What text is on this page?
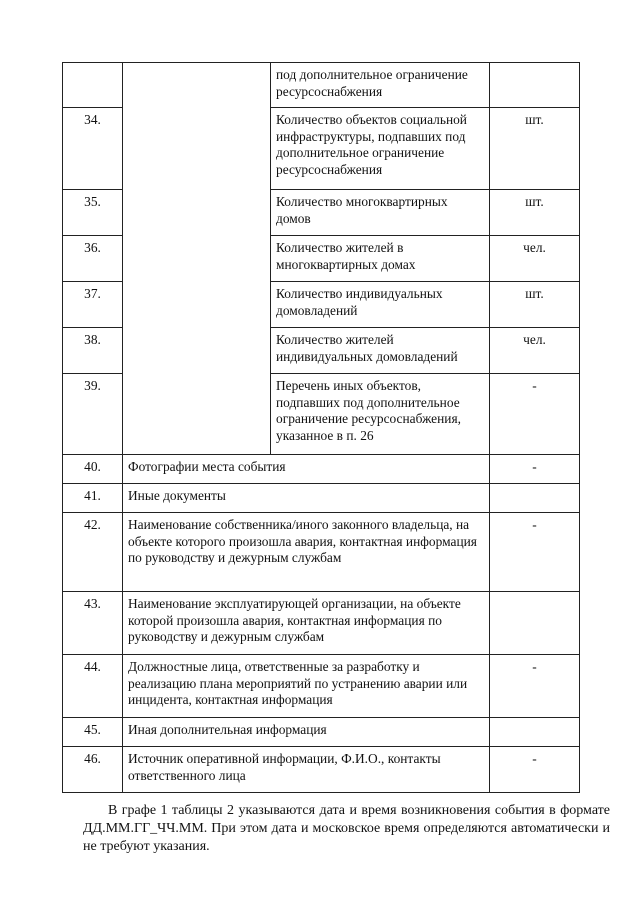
		под дополнительное ограничение ресурсоснабжения	
34.		Количество объектов социальной инфраструктуры, подпавших под дополнительное ограничение ресурсоснабжения	шт.
35.		Количество многоквартирных домов	шт.
36.		Количество жителей в многоквартирных домах	чел.
37.		Количество индивидуальных домовладений	шт.
38.		Количество жителей индивидуальных домовладений	чел.
39.		Перечень иных объектов, подпавших под дополнительное ограничение ресурсоснабжения, указанное в п. 26	-
40.	Фотографии места события		-
41.	Иные документы		
42.	Наименование собственника/иного законного владельца, на объекте которого произошла авария, контактная информация по руководству и дежурным службам		-
43.	Наименование эксплуатирующей организации, на объекте которой произошла авария, контактная информация по руководству и дежурным службам		
44.	Должностные лица, ответственные за разработку и реализацию плана мероприятий по устранению аварии или инцидента, контактная информация		-
45.	Иная дополнительная информация		
46.	Источник оперативной информации, Ф.И.О., контакты ответственного лица		-

В графе 1 таблицы 2 указываются дата и время возникновения события в формате ДД.ММ.ГГ_ЧЧ.ММ. При этом дата и московское время определяются автоматически и не требуют указания.
